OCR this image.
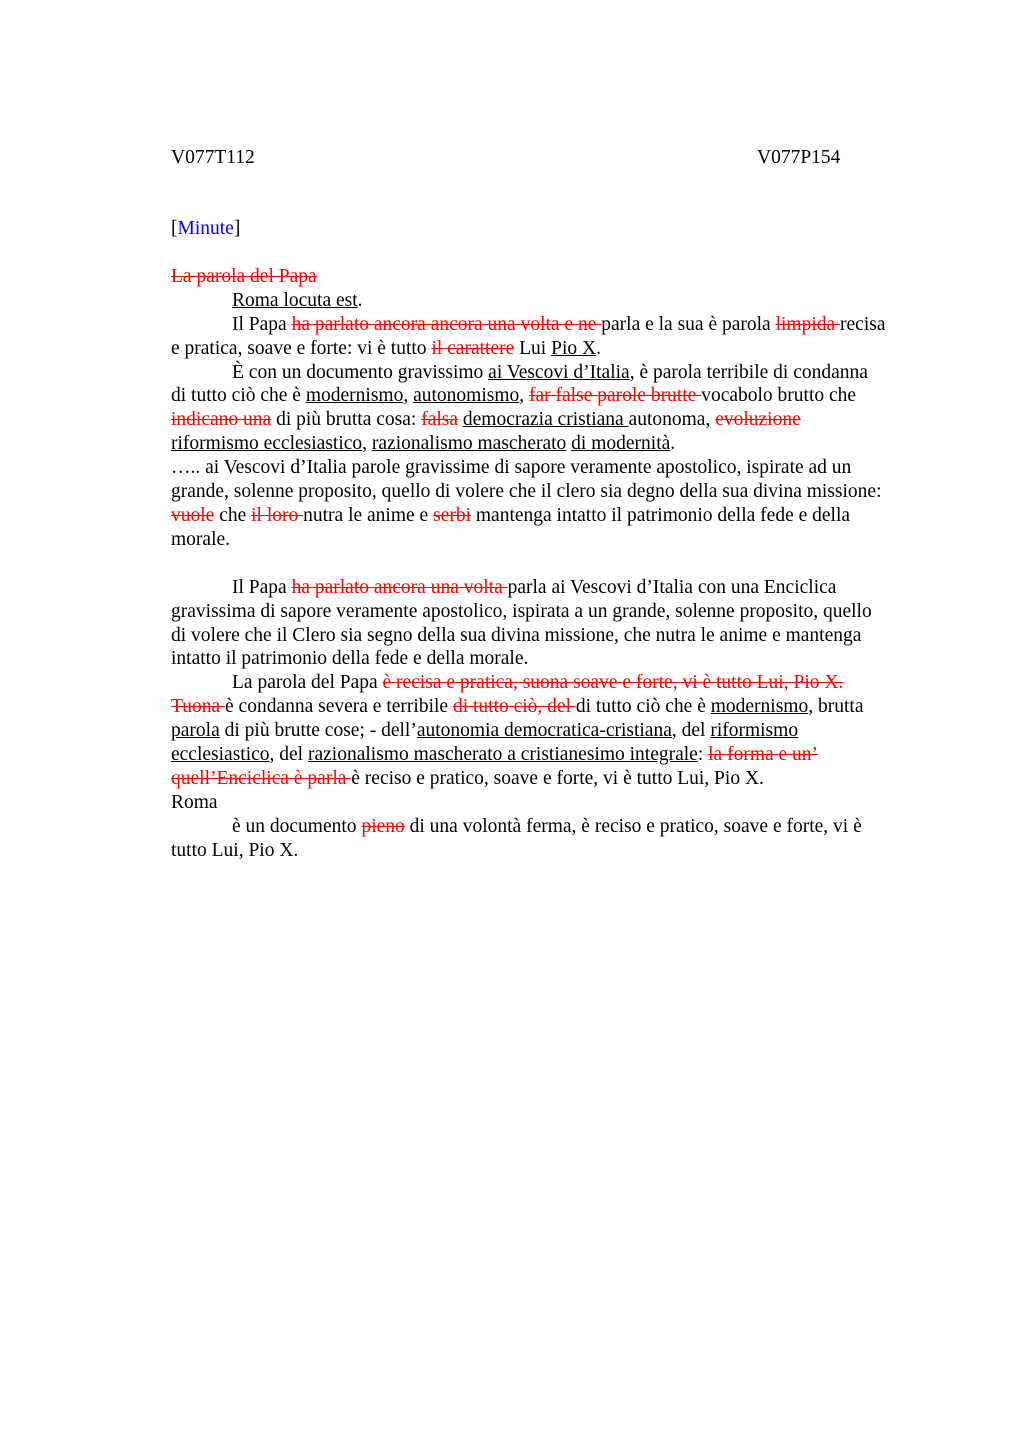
V077T112	V077P154
[Minute]
La parola del Papa
Roma locuta est.
Il Papa ha parlato ancora ancora una volta e ne parla e la sua è parola limpida recisa
e pratica, soave e forte: vi è tutto il carattere Lui Pio X.
È con un documento gravissimo ai Vescovi d’Italia, è parola terribile di condanna
di tutto ciò che è modernismo, autonomismo, far false parole brutte vocabolo brutto che
indicano una di più brutta cosa: falsa democrazia cristiana autonoma, evoluzione
riformismo ecclesiastico, razionalismo mascherato di modernità.
….. ai Vescovi d’Italia parole gravissime di sapore veramente apostolico, ispirate ad un
grande, solenne proposito, quello di volere che il clero sia degno della sua divina missione:
vuole che il loro nutra le anime e serbi mantenga intatto il patrimonio della fede e della
morale.

Il Papa ha parlato ancora una volta parla ai Vescovi d’Italia con una Enciclica
gravissima di sapore veramente apostolico, ispirata a un grande, solenne proposito, quello
di volere che il Clero sia segno della sua divina missione, che nutra le anime e mantenga
intatto il patrimonio della fede e della morale.
La parola del Papa è recisa e pratica, suona soave e forte, vi è tutto Lui, Pio X.
Tuona è condanna severa e terribile di tutto ciò, del di tutto ciò che è modernismo, brutta
parola di più brutte cose; - dell’autonomia democratica-cristiana, del riformismo
ecclesiastico, del razionalismo mascherato a cristianesimo integrale: la forma e un’
quell’Enciclica è parla è reciso e pratico, soave e forte, vi è tutto Lui, Pio X.
Roma
è un documento pieno di una volontà ferma, è reciso e pratico, soave e forte, vi è
tutto Lui, Pio X.
